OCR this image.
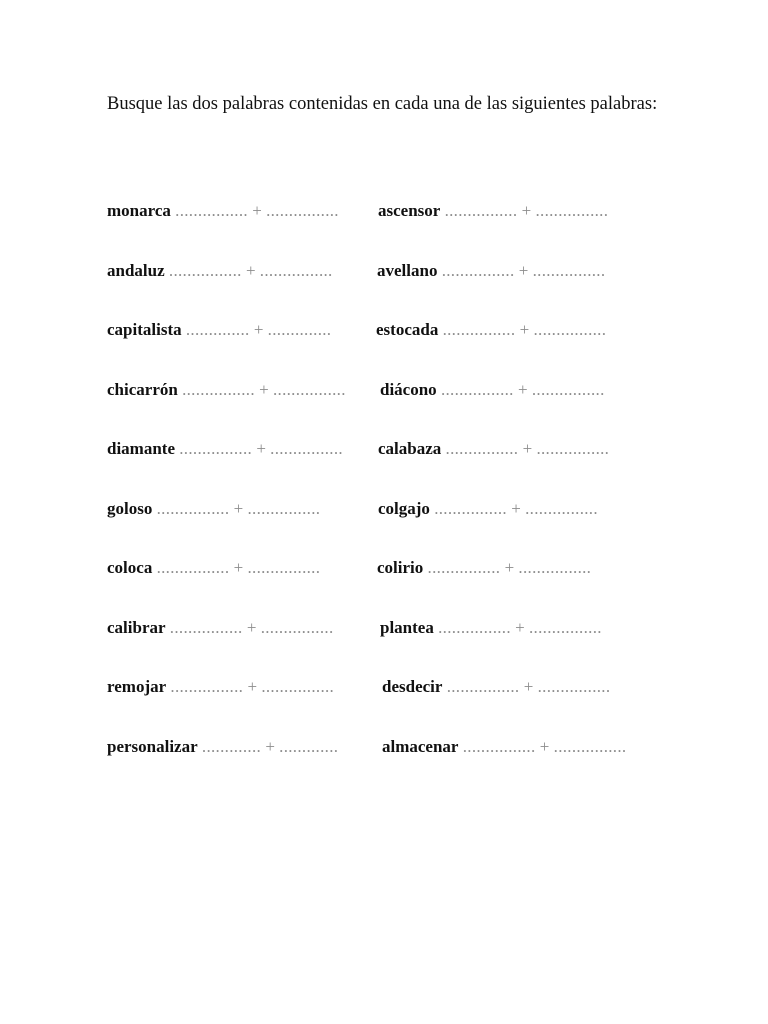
Busque las dos palabras contenidas en cada una de las siguientes palabras:

monarca ................ + ................ ascensor ................ + ................
andaluz ................ + ................	avellano ................ + ................
capitalista .............. + ..............	estocada ................ + ................
chicarrón ................ + ................ diácono ................ + ................
diamante ................ + ................ calabaza ................ + ................
goloso ................ + ................	colgajo ................ + ................
coloca ................ + ................	colirio ................ + ................
calibrar ................ + ................	plantea ................ + ................
remojar ................ + ................	desdecir ................ + ................
personalizar ............. + .............	almacenar ................ + ................
